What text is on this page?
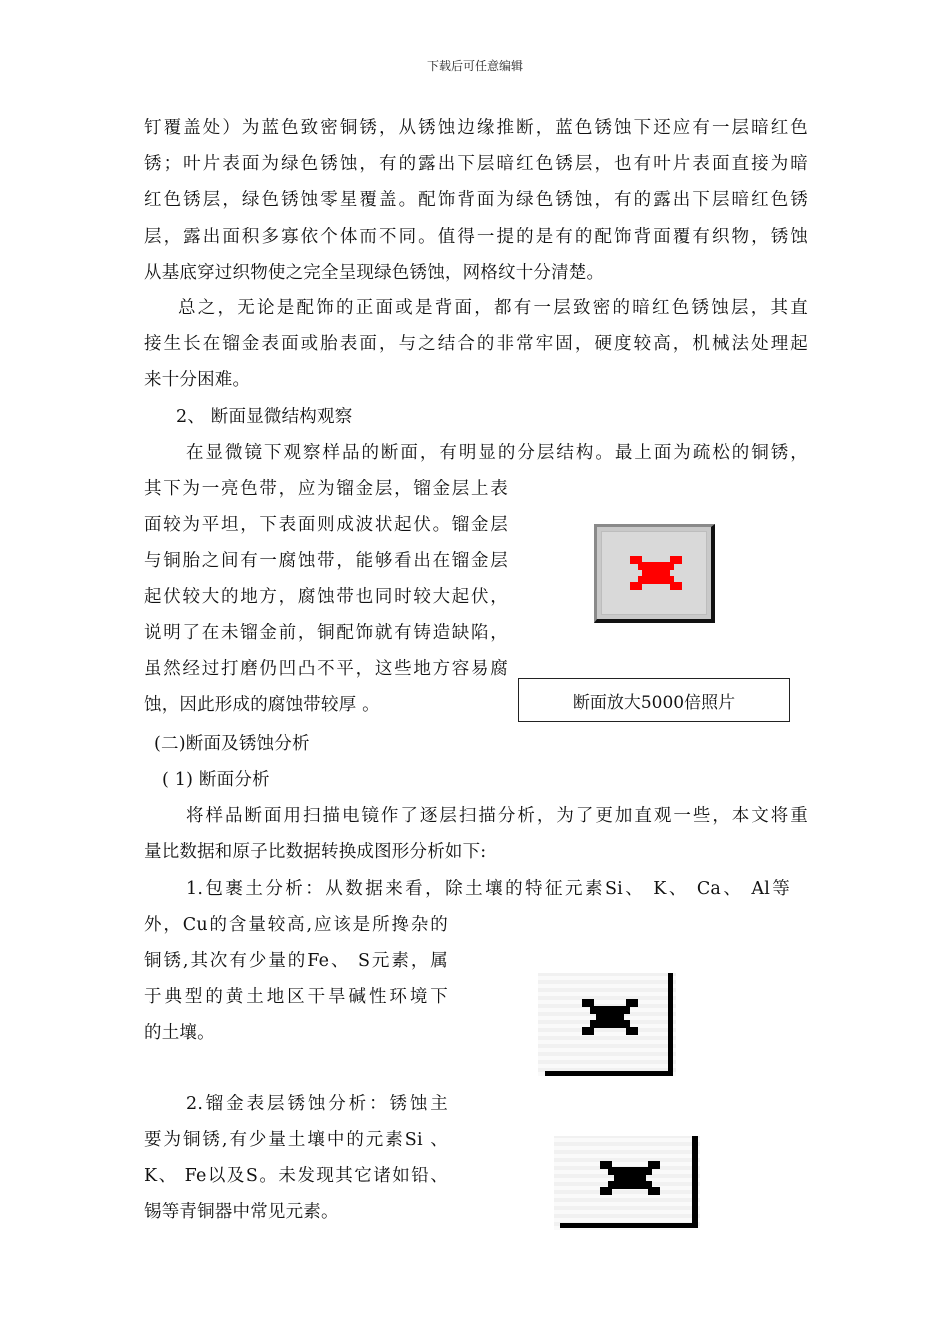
下载后可任意编辑
钉覆盖处）为蓝色致密铜锈，从锈蚀边缘推断，蓝色锈蚀下还应有一层暗红色
锈；叶片表面为绿色锈蚀，有的露出下层暗红色锈层，也有叶片表面直接为暗
红色锈层，绿色锈蚀零星覆盖。配饰背面为绿色锈蚀，有的露出下层暗红色锈
层，露出面积多寡依个体而不同。值得一提的是有的配饰背面覆有织物，锈蚀
从基底穿过织物使之完全呈现绿色锈蚀，网格纹十分清楚。
总之，无论是配饰的正面或是背面，都有一层致密的暗红色锈蚀层，其直
接生长在镏金表面或胎表面，与之结合的非常牢固，硬度较高，机械法处理起
来十分困难。
2、 断面显微结构观察
在显微镜下观察样品的断面，有明显的分层结构。最上面为疏松的铜锈，
其下为一亮色带，应为镏金层，镏金层上表
面较为平坦，下表面则成波状起伏。镏金层
与铜胎之间有一腐蚀带，能够看出在镏金层
起伏较大的地方，腐蚀带也同时较大起伏，
说明了在未镏金前，铜配饰就有铸造缺陷，
虽然经过打磨仍凹凸不平，这些地方容易腐
蚀，因此形成的腐蚀带较厚 。	断面放大5000倍照片
(二)断面及锈蚀分析
( 1) 断面分析
将样品断面用扫描电镜作了逐层扫描分析，为了更加直观一些，本文将重
量比数据和原子比数据转换成图形分析如下:
1.包裹土分析：从数据来看，除土壤的特征元素Si、 K、 Ca、 Al等
外，Cu的含量较高,应该是所搀杂的
铜锈,其次有少量的Fe、 S元素，属
于典型的黄土地区干旱碱性环境下
的土壤。
2.镏金表层锈蚀分析：锈蚀主
要为铜锈,有少量土壤中的元素Si 、
K、 Fe以及S。未发现其它诸如铅、
锡等青铜器中常见元素。
